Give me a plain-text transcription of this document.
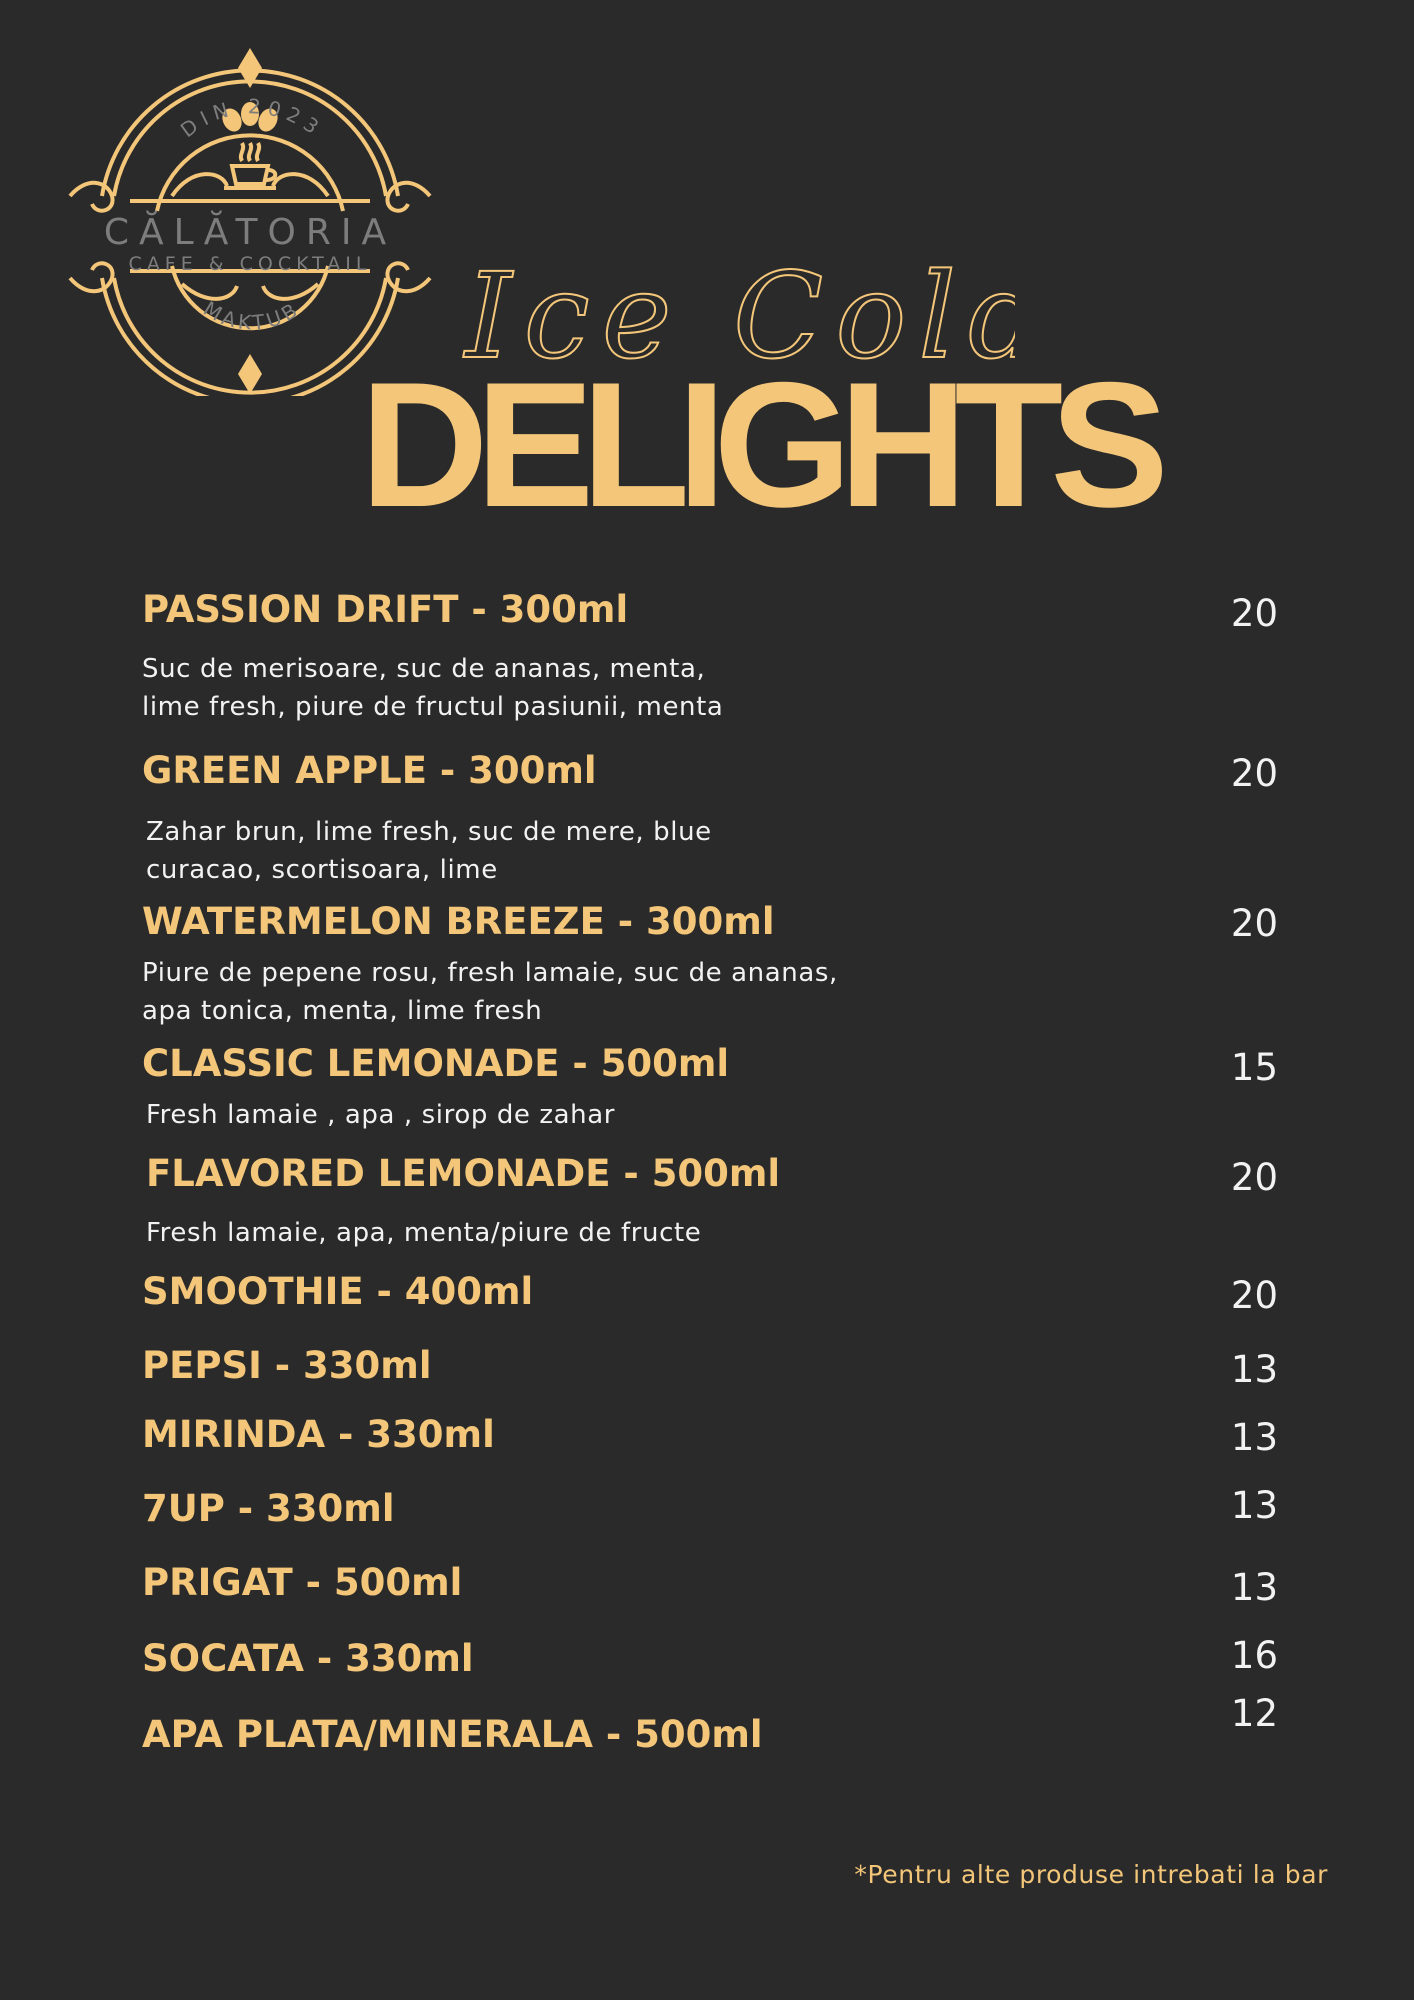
DIN 2023
CĂLĂTORIA
CAFE & COCKTAIL
MAKTUB Ice Cold
DELIGHTS
PASSION DRIFT - 300ml	20
Suc de merisoare, suc de ananas, menta,
lime fresh, piure de fructul pasiunii, menta
GREEN APPLE - 300ml	20
Zahar brun, lime fresh, suc de mere, blue
curacao, scortisoara, lime
WATERMELON BREEZE - 300ml	20
Piure de pepene rosu, fresh lamaie, suc de ananas,
apa tonica, menta, lime fresh
CLASSIC LEMONADE - 500ml	15
Fresh lamaie , apa , sirop de zahar
FLAVORED LEMONADE - 500ml	20
Fresh lamaie, apa, menta/piure de fructe
SMOOTHIE - 400ml	20
PEPSI - 330ml	13
MIRINDA - 330ml	13
7UP - 330ml	13
PRIGAT - 500ml	13
SOCATA - 330ml	16
APA PLATA/MINERALA - 500ml	12
*Pentru alte produse intrebati la bar
